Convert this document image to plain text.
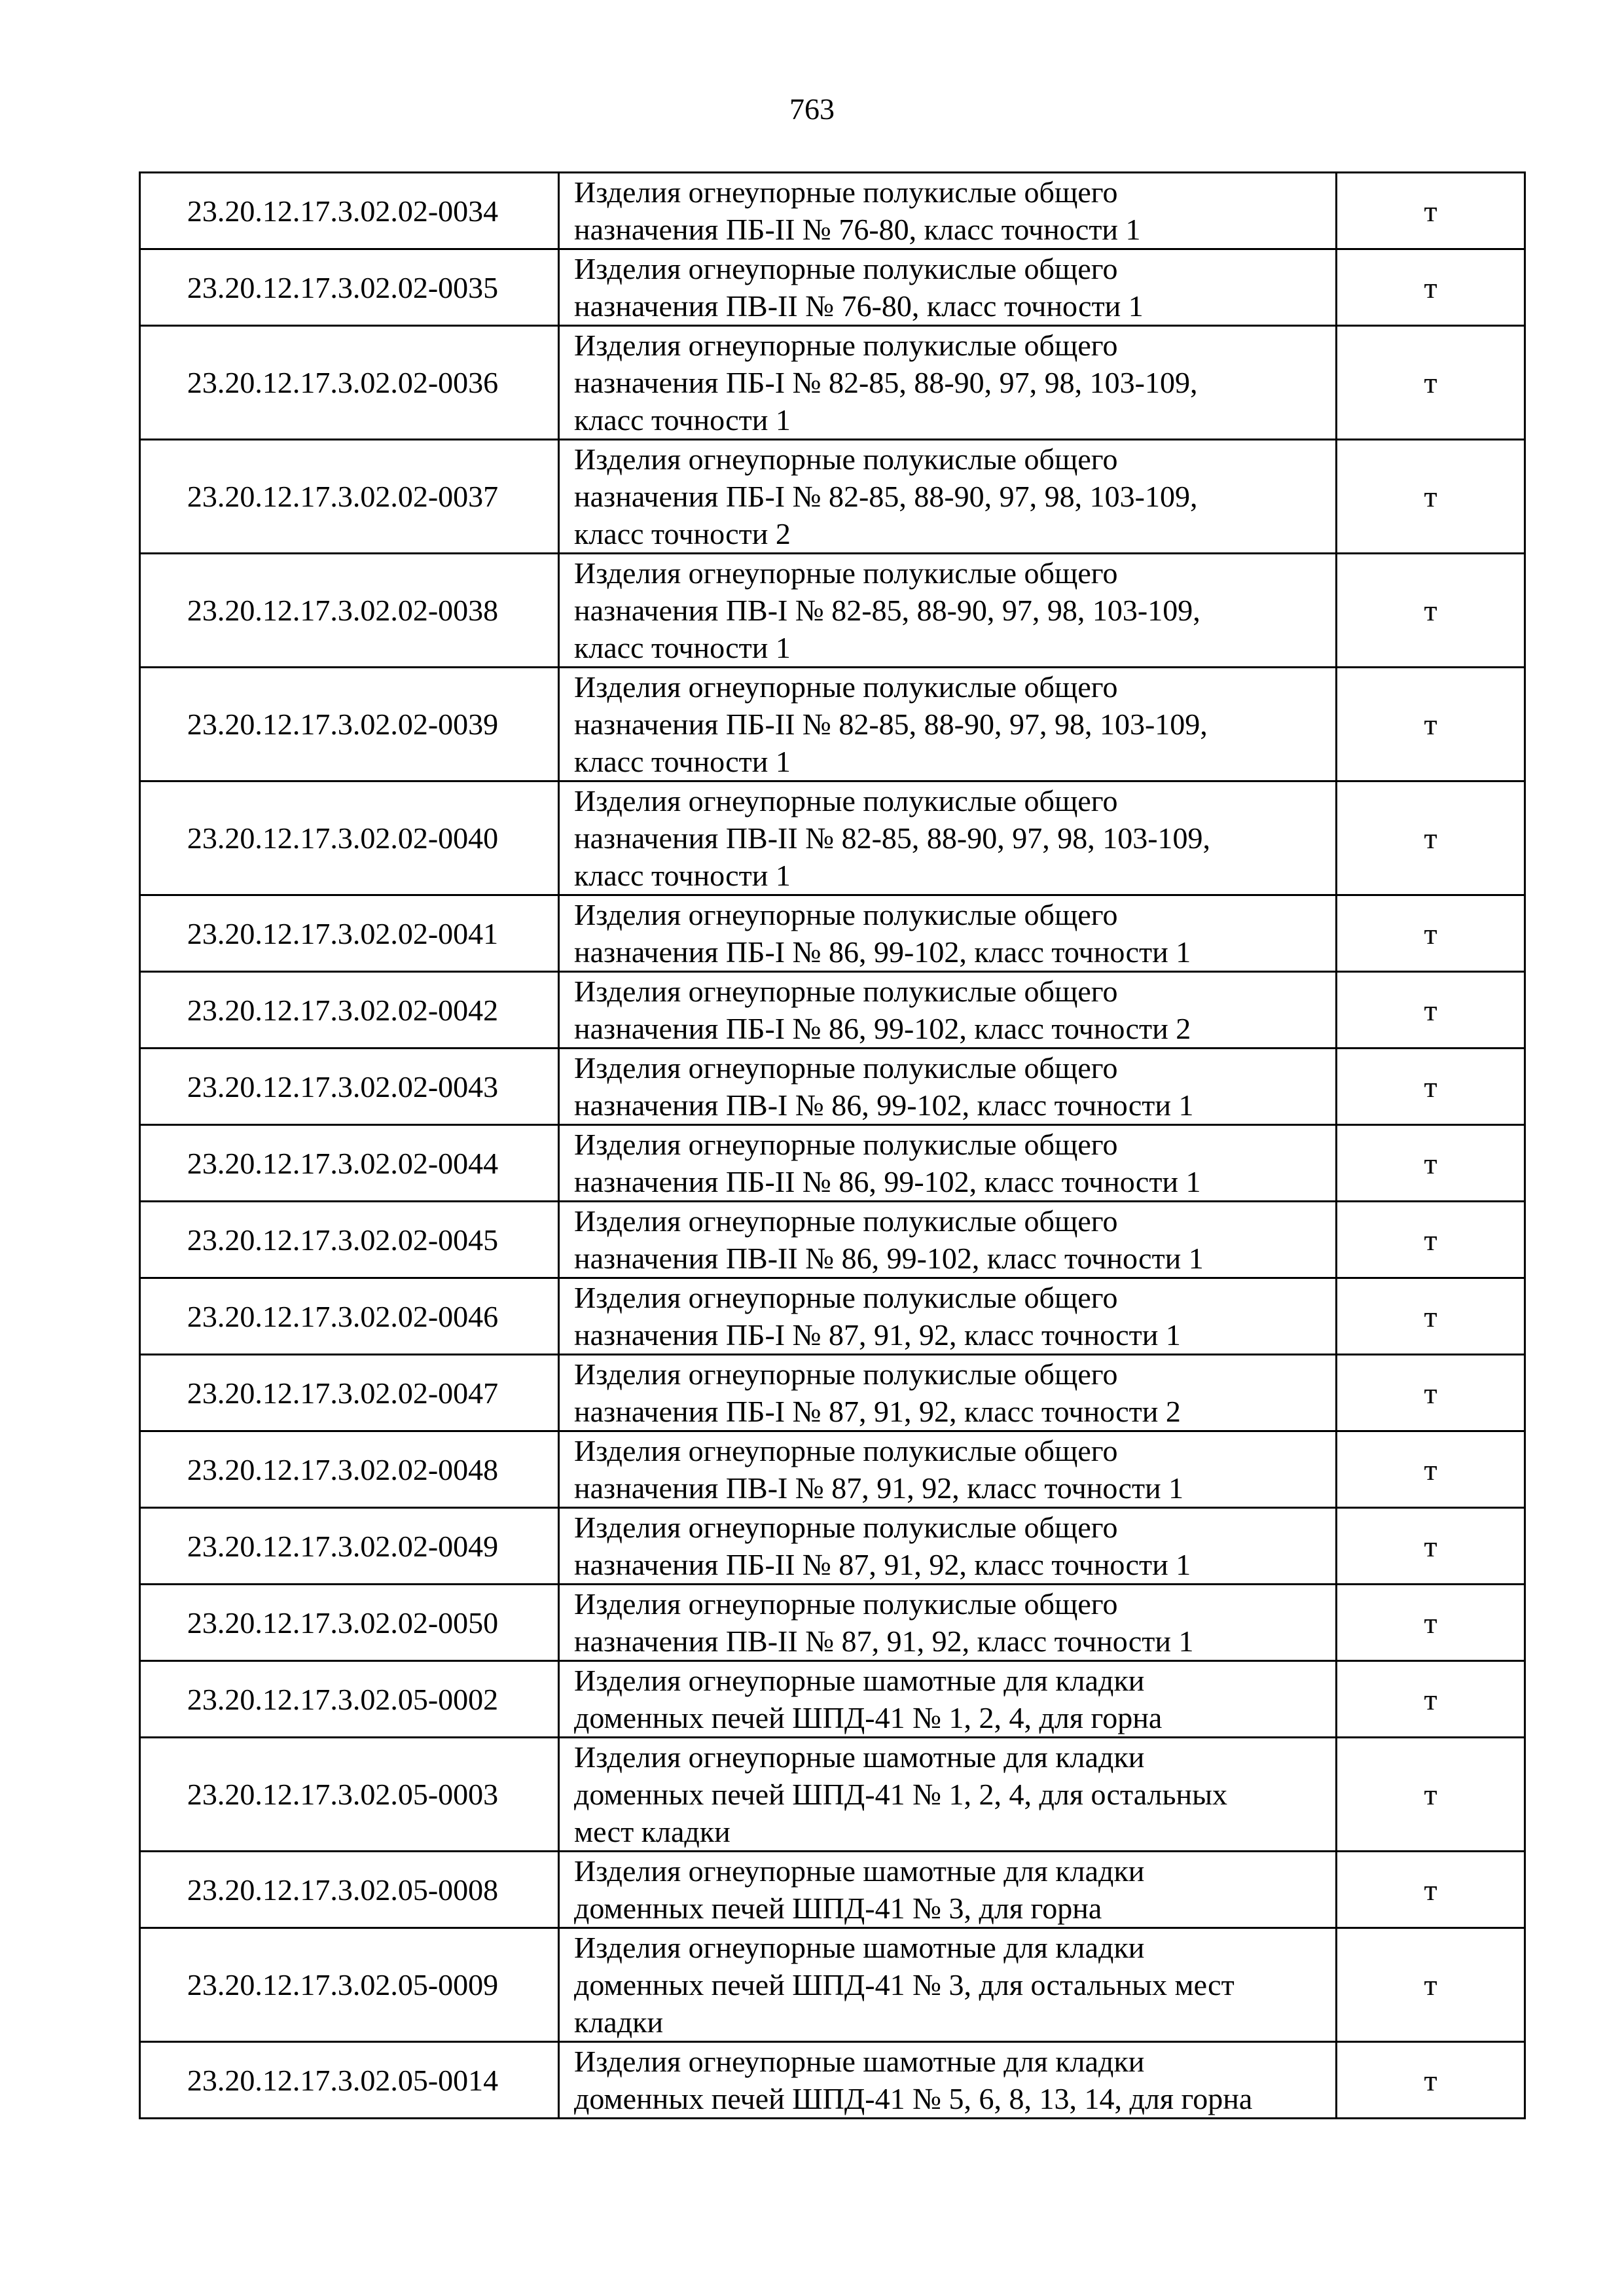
763
23.20.12.17.3.02.02-0034	Изделия огнеупорные полукислые общего
назначения ПБ-II № 76-80, класс точности 1	т
23.20.12.17.3.02.02-0035	Изделия огнеупорные полукислые общего
назначения ПВ-II № 76-80, класс точности 1	т
23.20.12.17.3.02.02-0036	Изделия огнеупорные полукислые общего
назначения ПБ-I № 82-85, 88-90, 97, 98, 103-109,
класс точности 1	т
23.20.12.17.3.02.02-0037	Изделия огнеупорные полукислые общего
назначения ПБ-I № 82-85, 88-90, 97, 98, 103-109,
класс точности 2	т
23.20.12.17.3.02.02-0038	Изделия огнеупорные полукислые общего
назначения ПВ-I № 82-85, 88-90, 97, 98, 103-109,
класс точности 1	т
23.20.12.17.3.02.02-0039	Изделия огнеупорные полукислые общего
назначения ПБ-II № 82-85, 88-90, 97, 98, 103-109,
класс точности 1	т
23.20.12.17.3.02.02-0040	Изделия огнеупорные полукислые общего
назначения ПВ-II № 82-85, 88-90, 97, 98, 103-109,
класс точности 1	т
23.20.12.17.3.02.02-0041	Изделия огнеупорные полукислые общего
назначения ПБ-I № 86, 99-102, класс точности 1	т
23.20.12.17.3.02.02-0042	Изделия огнеупорные полукислые общего
назначения ПБ-I № 86, 99-102, класс точности 2	т
23.20.12.17.3.02.02-0043	Изделия огнеупорные полукислые общего
назначения ПВ-I № 86, 99-102, класс точности 1	т
23.20.12.17.3.02.02-0044	Изделия огнеупорные полукислые общего
назначения ПБ-II № 86, 99-102, класс точности 1	т
23.20.12.17.3.02.02-0045	Изделия огнеупорные полукислые общего
назначения ПВ-II № 86, 99-102, класс точности 1	т
23.20.12.17.3.02.02-0046	Изделия огнеупорные полукислые общего
назначения ПБ-I № 87, 91, 92, класс точности 1	т
23.20.12.17.3.02.02-0047	Изделия огнеупорные полукислые общего
назначения ПБ-I № 87, 91, 92, класс точности 2	т
23.20.12.17.3.02.02-0048	Изделия огнеупорные полукислые общего
назначения ПВ-I № 87, 91, 92, класс точности 1	т
23.20.12.17.3.02.02-0049	Изделия огнеупорные полукислые общего
назначения ПБ-II № 87, 91, 92, класс точности 1	т
23.20.12.17.3.02.02-0050	Изделия огнеупорные полукислые общего
назначения ПВ-II № 87, 91, 92, класс точности 1	т
23.20.12.17.3.02.05-0002	Изделия огнеупорные шамотные для кладки
доменных печей ШПД-41 № 1, 2, 4, для горна	т
23.20.12.17.3.02.05-0003	Изделия огнеупорные шамотные для кладки
доменных печей ШПД-41 № 1, 2, 4, для остальных
мест кладки	т
23.20.12.17.3.02.05-0008	Изделия огнеупорные шамотные для кладки
доменных печей ШПД-41 № 3, для горна	т
23.20.12.17.3.02.05-0009	Изделия огнеупорные шамотные для кладки
доменных печей ШПД-41 № 3, для остальных мест
кладки	т
23.20.12.17.3.02.05-0014	Изделия огнеупорные шамотные для кладки
доменных печей ШПД-41 № 5, 6, 8, 13, 14, для горна	т
